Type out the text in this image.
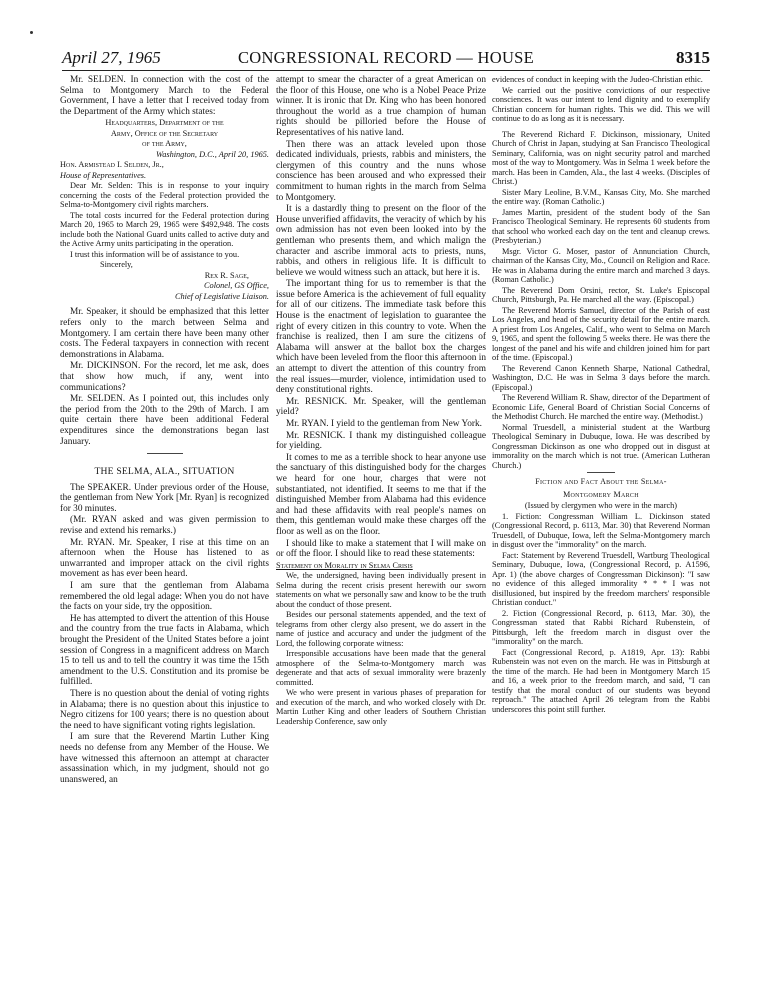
April 27, 1965	CONGRESSIONAL RECORD — HOUSE	8315

Mr. SELDEN. In connection with the cost of the Selma to Montgomery March to the Federal Government, I have a letter that I received today from the Department of the Army which states:

Headquarters, Department of the

Army, Office of the Secretary

of the Army,

Washington, D.C., April 20, 1965.

Hon. Armistead I. Selden, Jr.,

House of Representatives.

Dear Mr. Selden: This is in response to your inquiry concerning the costs of the Federal protection provided the Selma-to-Montgomery civil rights marchers.

The total costs incurred for the Federal protection during March 20, 1965 to March 29, 1965 were $492,948. The costs include both the National Guard units called to active duty and the Active Army units participating in the operation.

I trust this information will be of assistance to you.

Sincerely,

Rex R. Sage,

Colonel, GS Office,

Chief of Legislative Liaison.

Mr. Speaker, it should be emphasized that this letter refers only to the march between Selma and Montgomery. I am certain there have been many other costs. The Federal taxpayers in connection with recent demonstrations in Alabama.

Mr. DICKINSON. For the record, let me ask, does that show how much, if any, went into communications?

Mr. SELDEN. As I pointed out, this includes only the period from the 20th to the 29th of March. I am quite certain there have been additional Federal expenditures since the demonstrations began last January.

THE SELMA, ALA., SITUATION

The SPEAKER. Under previous order of the House, the gentleman from New York [Mr. Ryan] is recognized for 30 minutes.

(Mr. RYAN asked and was given permission to revise and extend his remarks.)

Mr. RYAN. Mr. Speaker, I rise at this time on an afternoon when the House has listened to as unwarranted and improper attack on the civil rights movement as has ever been heard.

I am sure that the gentleman from Alabama remembered the old legal adage: When you do not have the facts on your side, try the opposition.

He has attempted to divert the attention of this House and the country from the true facts in Alabama, which brought the President of the United States before a joint session of Congress in a magnificent address on March 15 to tell us and to tell the country it was time the 15th amendment to the U.S. Constitution and its promise be fulfilled.

There is no question about the denial of voting rights in Alabama; there is no question about this injustice to Negro citizens for 100 years; there is no question about the need to have significant voting rights legislation.

I am sure that the Reverend Martin Luther King needs no defense from any Member of the House. We have witnessed this afternoon an attempt at character assassination which, in my judgment, should not go unanswered, an

attempt to smear the character of a great American on the floor of this House, one who is a Nobel Peace Prize winner. It is ironic that Dr. King who has been honored throughout the world as a true champion of human rights should be pilloried before the House of Representatives of his native land.

Then there was an attack leveled upon those dedicated individuals, priests, rabbis and ministers, the clergymen of this country and the nuns whose conscience has been aroused and who expressed their commitment to human rights in the march from Selma to Montgomery.

It is a dastardly thing to present on the floor of the House unverified affidavits, the veracity of which by his own admission has not even been looked into by the gentleman who presents them, and which malign the character and ascribe immoral acts to priests, nuns, rabbis, and others in religious life. It is difficult to believe we would witness such an attack, but here it is.

The important thing for us to remember is that the issue before America is the achievement of full equality for all of our citizens. The immediate task before this House is the enactment of legislation to guarantee the right of every citizen in this country to vote. When the franchise is realized, then I am sure the citizens of Alabama will answer at the ballot box the charges which have been leveled from the floor this afternoon in an attempt to divert the attention of this country from the real issues—murder, violence, intimidation used to deny constitutional rights.

Mr. RESNICK. Mr. Speaker, will the gentleman yield?

Mr. RYAN. I yield to the gentleman from New York.

Mr. RESNICK. I thank my distinguished colleague for yielding.

It comes to me as a terrible shock to hear anyone use the sanctuary of this distinguished body for the charges we heard for one hour, charges that were not substantiated, not identified. It seems to me that if the distinguished Member from Alabama had this evidence and had these affidavits with real people's names on them, this gentleman would make these charges off the floor as well as on the floor.

I should like to make a statement that I will make on or off the floor. I should like to read these statements:

Statement on Morality in Selma Crisis

We, the undersigned, having been individually present in Selma during the recent crisis present herewith our sworn statements on what we personally saw and know to be the truth about the conduct of those present.

Besides our personal statements appended, and the text of telegrams from other clergy also present, we do assert in the name of justice and accuracy and under the judgment of the Lord, the following corporate witness:

Irresponsible accusations have been made that the general atmosphere of the Selma-to-Montgomery march was degenerate and that acts of sexual immorality were brazenly committed.

We who were present in various phases of preparation for and execution of the march, and who worked closely with Dr. Martin Luther King and other leaders of Southern Christian Leadership Conference, saw only

evidences of conduct in keeping with the Judeo-Christian ethic.

We carried out the positive convictions of our respective consciences. It was our intent to lend dignity and to exemplify Christian concern for human rights. This we did. This we will continue to do as long as it is necessary.

The Reverend Richard F. Dickinson, missionary, United Church of Christ in Japan, studying at San Francisco Theological Seminary, California, was on night security patrol and marched most of the way to Montgomery. Was in Selma 1 week before the march. Has been in Camden, Ala., the last 4 weeks. (Disciples of Christ.)

Sister Mary Leoline, B.V.M., Kansas City, Mo. She marched the entire way. (Roman Catholic.)

James Martin, president of the student body of the San Francisco Theological Seminary. He represents 60 students from that school who worked each day on the tent and cleanup crews. (Presbyterian.)

Msgr. Victor G. Moser, pastor of Annunciation Church, chairman of the Kansas City, Mo., Council on Religion and Race. He was in Alabama during the entire march and marched 3 days. (Roman Catholic.)

The Reverend Dom Orsini, rector, St. Luke's Episcopal Church, Pittsburgh, Pa. He marched all the way. (Episcopal.)

The Reverend Morris Samuel, director of the Parish of east Los Angeles, and head of the security detail for the entire march. A priest from Los Angeles, Calif., who went to Selma on March 9, 1965, and spent the following 5 weeks there. He was there the longest of the panel and his wife and children joined him for part of the time. (Episcopal.)

The Reverend Canon Kenneth Sharpe, National Cathedral, Washington, D.C. He was in Selma 3 days before the march. (Episcopal.)

The Reverend William R. Shaw, director of the Department of Economic Life, General Board of Christian Social Concerns of the Methodist Church. He marched the entire way. (Methodist.)

Normal Truesdell, a ministerial student at the Wartburg Theological Seminary in Dubuque, Iowa. He was described by Congressman Dickinson as one who dropped out in disgust at immorality on the march which is not true. (American Lutheran Church.)

Fiction and Fact About the Selma-
Montgomery March

(Issued by clergymen who were in the march)

1. Fiction: Congressman William L. Dickinson stated (Congressional Record, p. 6113, Mar. 30) that Reverend Norman Truesdell, of Dubuque, Iowa, left the Selma-Montgomery march in disgust over the "immorality" on the march.

Fact: Statement by Reverend Truesdell, Wartburg Theological Seminary, Dubuque, Iowa, (Congressional Record, p. A1596, Apr. 1) (the above charges of Congressman Dickinson): "I saw no evidence of this alleged immorality * * * I was not disillusioned, but inspired by the freedom marchers' responsible Christian conduct."

2. Fiction (Congressional Record, p. 6113, Mar. 30), the Congressman stated that Rabbi Richard Rubenstein, of Pittsburgh, left the freedom march in disgust over the "immorality" on the march.

Fact (Congressional Record, p. A1819, Apr. 13): Rabbi Rubenstein was not even on the march. He was in Pittsburgh at the time of the march. He had been in Montgomery March 15 and 16, a week prior to the freedom march, and said, "I can testify that the moral conduct of our students was beyond reproach." The attached April 26 telegram from the Rabbi underscores this point still further.
